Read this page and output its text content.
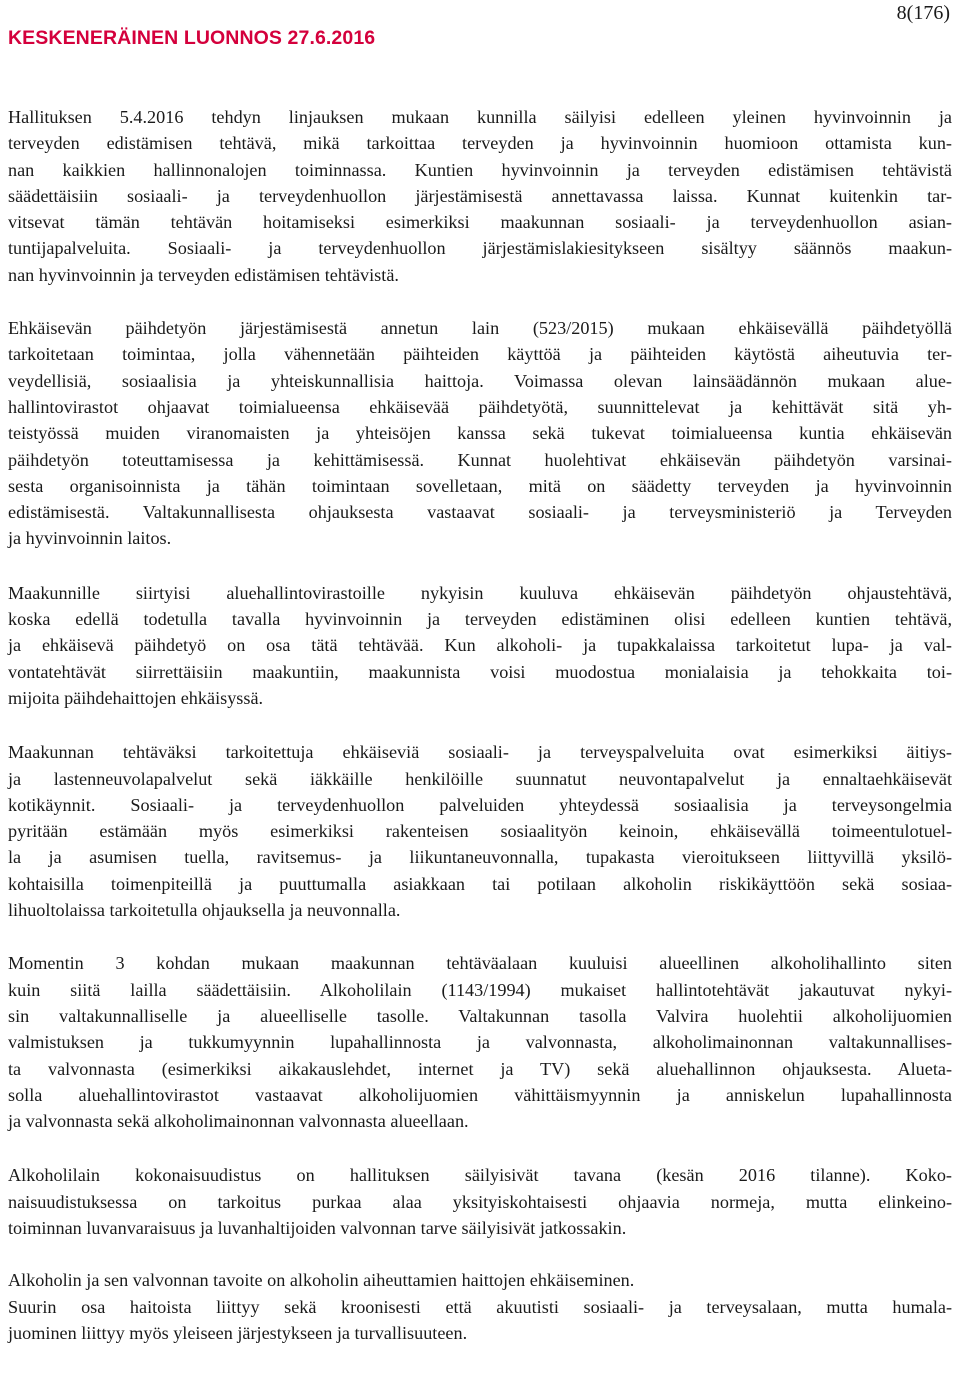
KESKENERÄINEN LUONNOS 27.6.2016
8(176)
Hallituksen 5.4.2016 tehdyn linjauksen mukaan kunnilla säilyisi edelleen yleinen hyvinvoinnin ja
terveyden edistämisen tehtävä, mikä tarkoittaa terveyden ja hyvinvoinnin huomioon ottamista kun-
nan kaikkien hallinnonalojen toiminnassa. Kuntien hyvinvoinnin ja terveyden edistämisen tehtävistä
säädettäisiin sosiaali- ja terveydenhuollon järjestämisestä annettavassa laissa. Kunnat kuitenkin tar-
vitsevat tämän tehtävän hoitamiseksi esimerkiksi maakunnan sosiaali- ja terveydenhuollon asian-
tuntijapalveluita. Sosiaali- ja terveydenhuollon järjestämislakiesitykseen sisältyy säännös maakun-
nan hyvinvoinnin ja terveyden edistämisen tehtävistä.
Ehkäisevän päihdetyön järjestämisestä annetun lain (523/2015) mukaan ehkäisevällä päihdetyöllä
tarkoitetaan toimintaa, jolla vähennetään päihteiden käyttöä ja päihteiden käytöstä aiheutuvia ter-
veydellisiä, sosiaalisia ja yhteiskunnallisia haittoja. Voimassa olevan lainsäädännön mukaan alue-
hallintovirastot ohjaavat toimialueensa ehkäisevää päihdetyötä, suunnittelevat ja kehittävät sitä yh-
teistyössä muiden viranomaisten ja yhteisöjen kanssa sekä tukevat toimialueensa kuntia ehkäisevän
päihdetyön toteuttamisessa ja kehittämisessä. Kunnat huolehtivat ehkäisevän päihdetyön varsinai-
sesta organisoinnista ja tähän toimintaan sovelletaan, mitä on säädetty terveyden ja hyvinvoinnin
edistämisestä. Valtakunnallisesta ohjauksesta vastaavat sosiaali- ja terveysministeriö ja Terveyden
ja hyvinvoinnin laitos.
Maakunnille siirtyisi aluehallintovirastoille nykyisin kuuluva ehkäisevän päihdetyön ohjaustehtävä,
koska edellä todetulla tavalla hyvinvoinnin ja terveyden edistäminen olisi edelleen kuntien tehtävä,
ja ehkäisevä päihdetyö on osa tätä tehtävää. Kun alkoholi- ja tupakkalaissa tarkoitetut lupa- ja val-
vontatehtävät siirrettäisiin maakuntiin, maakunnista voisi muodostua monialaisia ja tehokkaita toi-
mijoita päihdehaittojen ehkäisyssä.
Maakunnan tehtäväksi tarkoitettuja ehkäiseviä sosiaali- ja terveyspalveluita ovat esimerkiksi äitiys-
ja lastenneuvolapalvelut sekä iäkkäille henkilöille suunnatut neuvontapalvelut ja ennaltaehkäisevät
kotikäynnit. Sosiaali- ja terveydenhuollon palveluiden yhteydessä sosiaalisia ja terveysongelmia
pyritään estämään myös esimerkiksi rakenteisen sosiaalityön keinoin, ehkäisevällä toimeentulotuel-
la ja asumisen tuella, ravitsemus- ja liikuntaneuvonnalla, tupakasta vieroitukseen liittyvillä yksilö-
kohtaisilla toimenpiteillä ja puuttumalla asiakkaan tai potilaan alkoholin riskikäyttöön sekä sosiaa-
lihuoltolaissa tarkoitetulla ohjauksella ja neuvonnalla.
Momentin 3 kohdan mukaan maakunnan tehtäväalaan kuuluisi alueellinen alkoholihallinto siten
kuin siitä lailla säädettäisiin. Alkoholilain (1143/1994) mukaiset hallintotehtävät jakautuvat nykyi-
sin valtakunnalliselle ja alueelliselle tasolle. Valtakunnan tasolla Valvira huolehtii alkoholijuomien
valmistuksen ja tukkumyynnin lupahallinnosta ja valvonnasta, alkoholimainonnan valtakunnallises-
ta valvonnasta (esimerkiksi aikakauslehdet, internet ja TV) sekä aluehallinnon ohjauksesta. Alueta-
solla aluehallintovirastot vastaavat alkoholijuomien vähittäismyynnin ja anniskelun lupahallinnosta
ja valvonnasta sekä alkoholimainonnan valvonnasta alueellaan.
Alkoholilain kokonaisuudistus on hallituksen säilyisivät tavana (kesän 2016 tilanne). Koko-
naisuudistuksessa on tarkoitus purkaa alaa yksityiskohtaisesti ohjaavia normeja, mutta elinkeino-
toiminnan luvanvaraisuus ja luvanhaltijoiden valvonnan tarve säilyisivät jatkossakin.
Alkoholin ja sen valvonnan tavoite on alkoholin aiheuttamien haittojen ehkäiseminen.
Suurin osa haitoista liittyy sekä kroonisesti että akuutisti sosiaali- ja terveysalaan, mutta humala-
juominen liittyy myös yleiseen järjestykseen ja turvallisuuteen.
